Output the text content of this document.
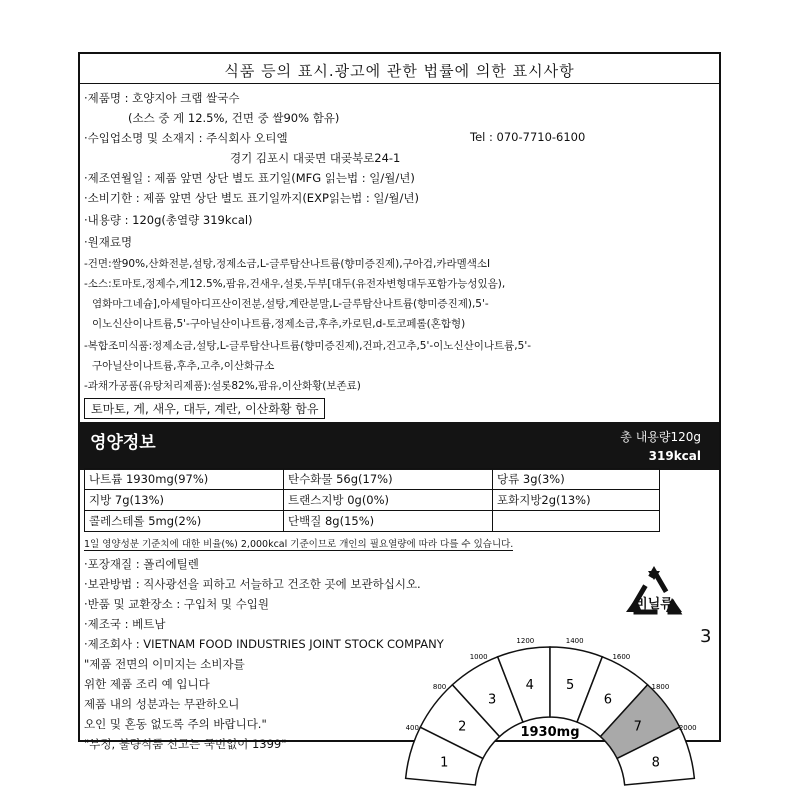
식품 등의 표시.광고에 관한 법률에 의한 표시사항
·제품명 : 호양지아 크랩 쌀국수
(소스 중 게 12.5%, 건면 중 쌀90% 함유)
·수입업소명 및 소재지 : 주식회사 오티엘	Tel : 070-7710-6100
경기 김포시 대곶면 대곶북로24-1
·제조연월일 : 제품 앞면 상단 별도 표기일(MFG 읽는법 : 일/월/년)
·소비기한 : 제품 앞면 상단 별도 표기일까지(EXP읽는법 : 일/월/년)
·내용량 : 120g(총열량 319kcal)
·원재료명
-건면:쌀90%,산화전분,설탕,정제소금,L-글루탐산나트륨(향미증진제),구아검,카라멜색소I
-소스:토마토,정제수,게12.5%,팜유,건새우,설롯,두부[대두(유전자변형대두포함가능성있음),
염화마그네슘],아세틸아디프산이전분,설탕,계란분말,L-글루탐산나트륨(향미증진제),5'-
이노신산이나트륨,5'-구아닐산이나트륨,정제소금,후추,카로틴,d-토코페롤(혼합형)
-복합조미식품:정제소금,설탕,L-글루탐산나트륨(향미증진제),건파,건고추,5'-이노신산이나트륨,5'-
구아닐산이나트륨,후추,고추,이산화규소
-과채가공품(유탕처리제품):설롯82%,팜유,이산화황(보존료)
토마토, 게, 새우, 대두, 계란, 이산화황 함유
영양정보	총 내용량120g
319kcal
나트륨 1930mg(97%)	탄수화물 56g(17%)	당류 3g(3%)
지방 7g(13%)	트랜스지방 0g(0%)	포화지방2g(13%)
콜레스테롤 5mg(2%)	단백질 8g(15%)	
1일 영양성분 기준치에 대한 비율(%) 2,000kcal 기준이므로 개인의 필요열량에 따라 다를 수 있습니다.
·포장재질 : 폴리에틸렌
·보관방법 : 직사광선을 피하고 서늘하고 건조한 곳에 보관하십시오.
·반품 및 교환장소 : 구입처 및 수입원
·제조국 : 베트남
·제조회사 : VIETNAM FOOD INDUSTRIES JOINT STOCK COMPANY
"제품 전면의 이미지는 소비자를
위한 제품 조리 예 입니다
제품 내의 성분과는 무관하오니
오인 및 혼동 없도록 주의 바랍니다."
"부정, 불량식품 신고는 국번없이 1399"
비닐류
3
1
2
3
4 5
6
7
8
400
800
1000
1200	1400
1600
1800
2000
1930mg
